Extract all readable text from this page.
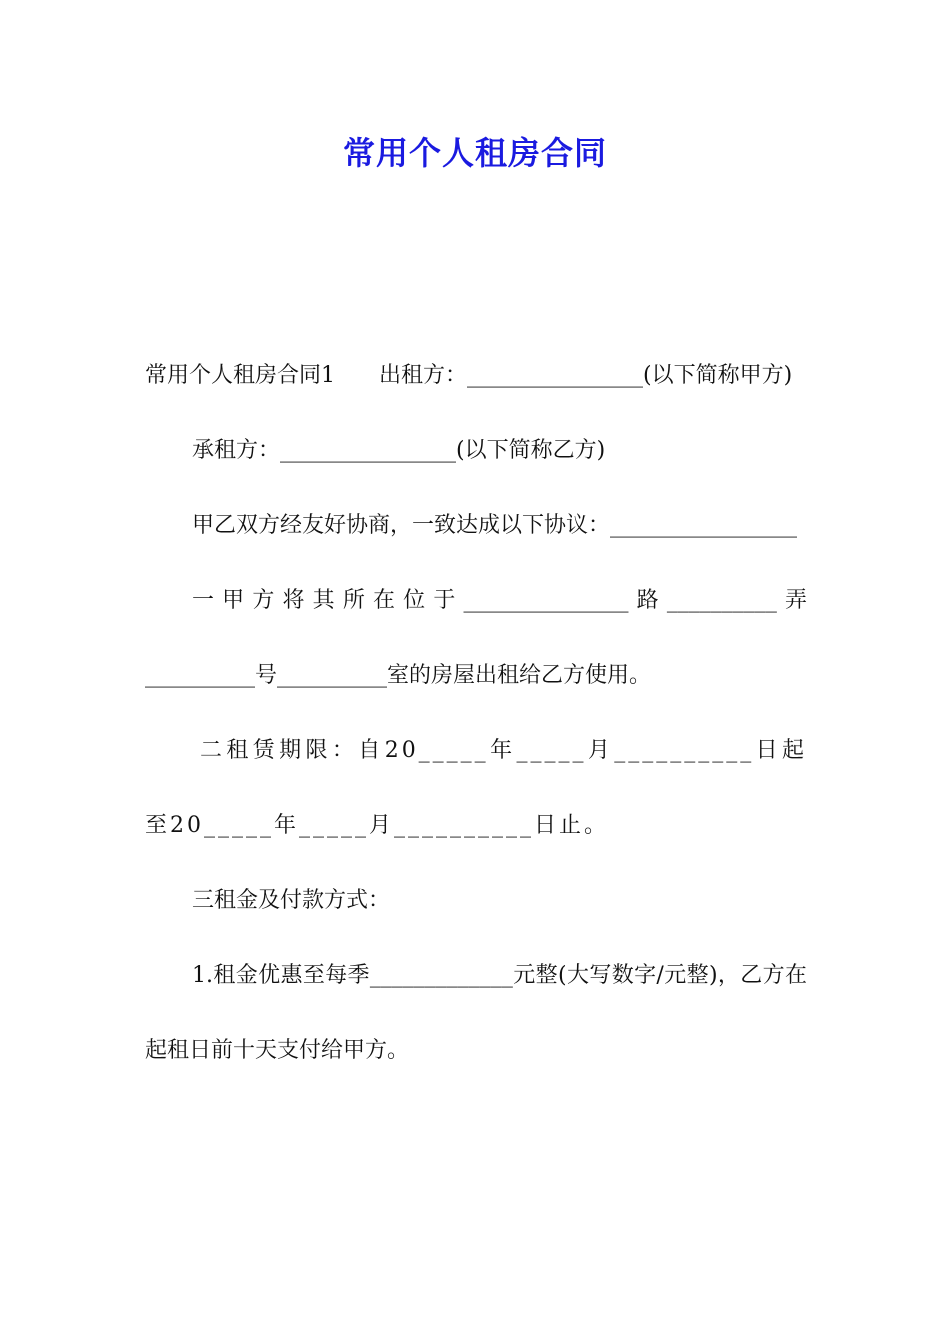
常用个人租房合同

常用个人租房合同1　　出租方：________________(以下简称甲方)

承租方：________________(以下简称乙方)

甲乙双方经友好协商，一致达成以下协议：_________________

一甲方将其所在位于_______________路__________弄__________号__________室的房屋出租给乙方使用。

二租赁期限：自20_____年_____月__________日起至20_____年_____月__________日止。

三租金及付款方式：

1.租金优惠至每季_____________元整(大写数字/元整)，乙方在起租日前十天支付给甲方。
